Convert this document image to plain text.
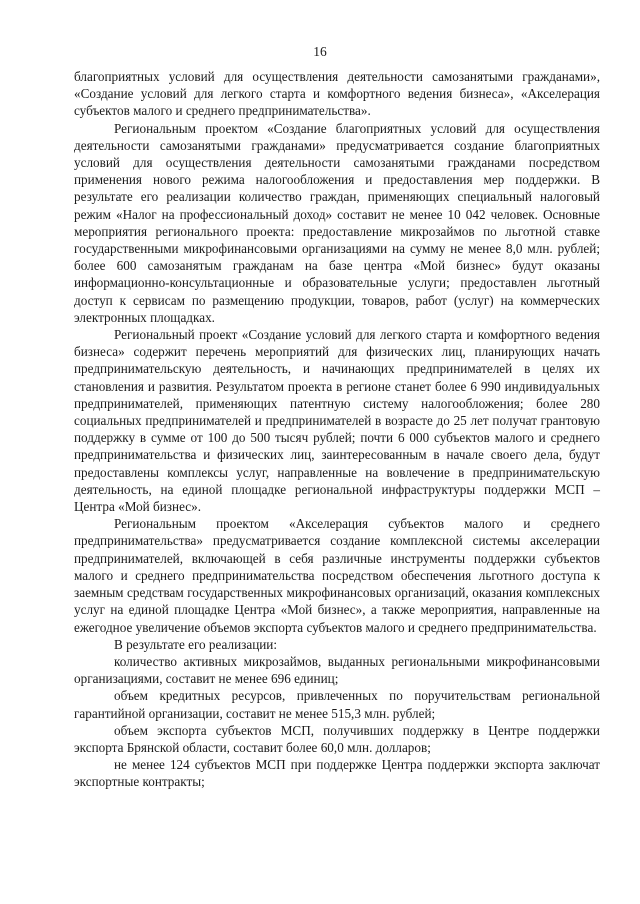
16

благоприятных условий для осуществления деятельности самозанятыми гражданами», «Создание условий для легкого старта и комфортного ведения бизнеса», «Акселерация субъектов малого и среднего предпринимательства».

Региональным проектом «Создание благоприятных условий для осуществления деятельности самозанятыми гражданами» предусматривается создание благоприятных условий для осуществления деятельности самозанятыми гражданами посредством применения нового режима налогообложения и предоставления мер поддержки. В результате его реализации количество граждан, применяющих специальный налоговый режим «Налог на профессиональный доход» составит не менее 10 042 человек. Основные мероприятия регионального проекта: предоставление микрозаймов по льготной ставке государственными микрофинансовыми организациями на сумму не менее 8,0 млн. рублей; более 600 самозанятым гражданам на базе центра «Мой бизнес» будут оказаны информационно-консультационные и образовательные услуги; предоставлен льготный доступ к сервисам по размещению продукции, товаров, работ (услуг) на коммерческих электронных площадках.

Региональный проект «Создание условий для легкого старта и комфортного ведения бизнеса» содержит перечень мероприятий для физических лиц, планирующих начать предпринимательскую деятельность, и начинающих предпринимателей в целях их становления и развития. Результатом проекта в регионе станет более 6 990 индивидуальных предпринимателей, применяющих патентную систему налогообложения; более 280 социальных предпринимателей и предпринимателей в возрасте до 25 лет получат грантовую поддержку в сумме от 100 до 500 тысяч рублей; почти 6 000 субъектов малого и среднего предпринимательства и физических лиц, заинтересованным в начале своего дела, будут предоставлены комплексы услуг, направленные на вовлечение в предпринимательскую деятельность, на единой площадке региональной инфраструктуры поддержки МСП – Центра «Мой бизнес».

Региональным проектом «Акселерация субъектов малого и среднего предпринимательства» предусматривается создание комплексной системы акселерации предпринимателей, включающей в себя различные инструменты поддержки субъектов малого и среднего предпринимательства посредством обеспечения льготного доступа к заемным средствам государственных микрофинансовых организаций, оказания комплексных услуг на единой площадке Центра «Мой бизнес», а также мероприятия, направленные на ежегодное увеличение объемов экспорта субъектов малого и среднего предпринимательства.

В результате его реализации:

количество активных микрозаймов, выданных региональными микрофинансовыми организациями, составит не менее 696 единиц;

объем кредитных ресурсов, привлеченных по поручительствам региональной гарантийной организации, составит не менее 515,3 млн. рублей;

объем экспорта субъектов МСП, получивших поддержку в Центре поддержки экспорта Брянской области, составит более 60,0 млн. долларов;

не менее 124 субъектов МСП при поддержке Центра поддержки экспорта заключат экспортные контракты;
